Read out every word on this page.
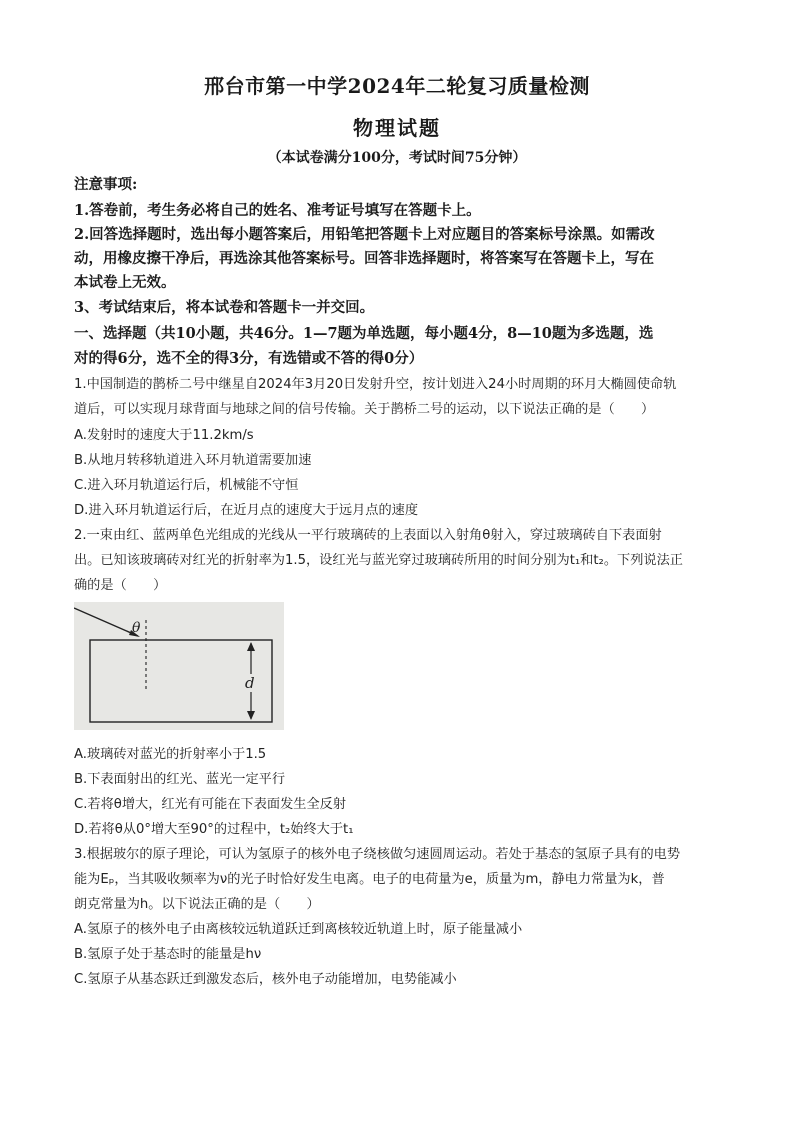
邢台市第一中学2024年二轮复习质量检测
物理试题
（本试卷满分100分，考试时间75分钟）
注意事项:
1.答卷前，考生务必将自己的姓名、准考证号填写在答题卡上。
2.回答选择题时，选出每小题答案后，用铅笔把答题卡上对应题目的答案标号涂黑。如需改
动，用橡皮擦干净后，再选涂其他答案标号。回答非选择题时，将答案写在答题卡上，写在
本试卷上无效。
3、考试结束后，将本试卷和答题卡一并交回。
一、选择题（共10小题，共46分。1—7题为单选题，每小题4分，8—10题为多选题，选
对的得6分，选不全的得3分，有选错或不答的得0分）
1.中国制造的鹊桥二号中继星自2024年3月20日发射升空，按计划进入24小时周期的环月大椭圆使命轨
道后，可以实现月球背面与地球之间的信号传输。关于鹊桥二号的运动，以下说法正确的是（　　）
A.发射时的速度大于11.2km/s
B.从地月转移轨道进入环月轨道需要加速
C.进入环月轨道运行后，机械能不守恒
D.进入环月轨道运行后，在近月点的速度大于远月点的速度
2.一束由红、蓝两单色光组成的光线从一平行玻璃砖的上表面以入射角θ射入，穿过玻璃砖自下表面射
出。已知该玻璃砖对红光的折射率为1.5，设红光与蓝光穿过玻璃砖所用的时间分别为t₁和t₂。下列说法正
确的是（　　）
θ
d
A.玻璃砖对蓝光的折射率小于1.5
B.下表面射出的红光、蓝光一定平行
C.若将θ增大，红光有可能在下表面发生全反射
D.若将θ从0°增大至90°的过程中，t₂始终大于t₁
3.根据玻尔的原子理论，可认为氢原子的核外电子绕核做匀速圆周运动。若处于基态的氢原子具有的电势
能为Eₚ，当其吸收频率为ν的光子时恰好发生电离。电子的电荷量为e，质量为m，静电力常量为k，普
朗克常量为h。以下说法正确的是（　　）
A.氢原子的核外电子由离核较远轨道跃迁到离核较近轨道上时，原子能量减小
B.氢原子处于基态时的能量是hν
C.氢原子从基态跃迁到激发态后，核外电子动能增加，电势能减小
